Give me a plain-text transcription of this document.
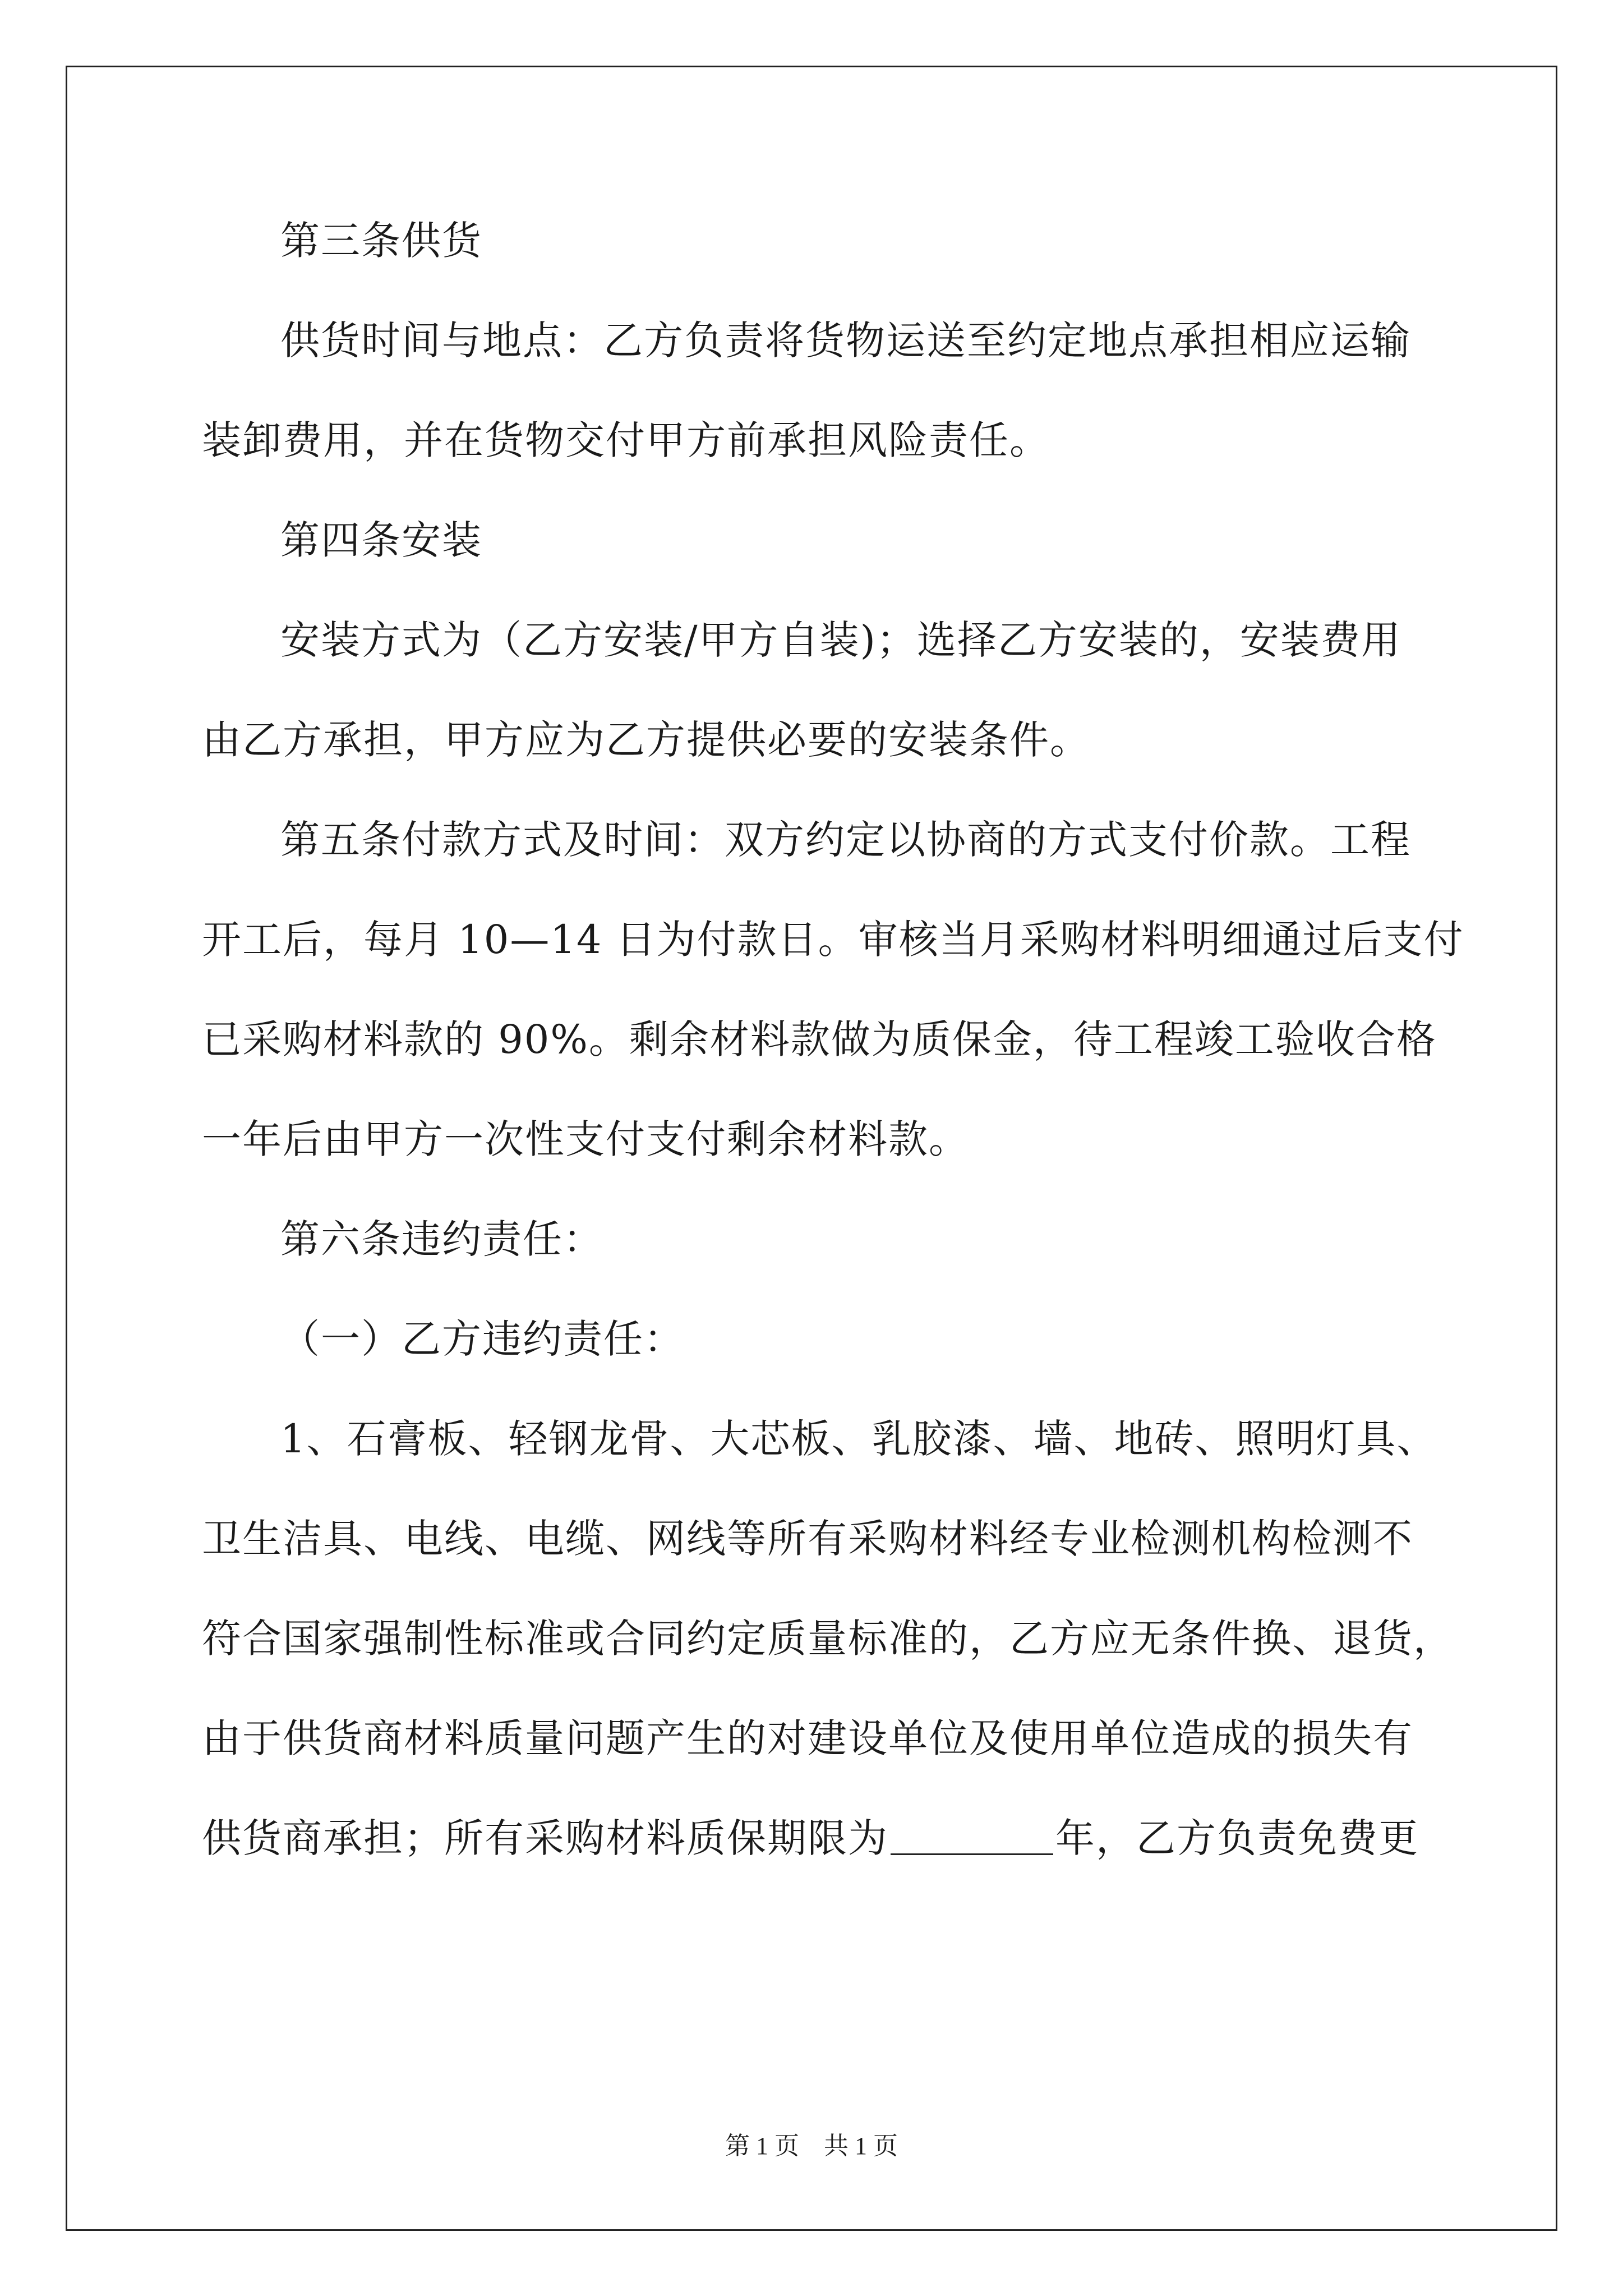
第三条供货
供货时间与地点：乙方负责将货物运送至约定地点承担相应运输
装卸费用，并在货物交付甲方前承担风险责任。
第四条安装
安装方式为（乙方安装/甲方自装)；选择乙方安装的，安装费用
由乙方承担，甲方应为乙方提供必要的安装条件。
第五条付款方式及时间：双方约定以协商的方式支付价款。工程
开工后，每月 10—14 日为付款日。审核当月采购材料明细通过后支付
已采购材料款的 90%。剩余材料款做为质保金，待工程竣工验收合格
一年后由甲方一次性支付支付剩余材料款。
第六条违约责任：
（一）乙方违约责任：
1、石膏板、轻钢龙骨、大芯板、乳胶漆、墙、地砖、照明灯具、
卫生洁具、电线、电缆、网线等所有采购材料经专业检测机构检测不
符合国家强制性标准或合同约定质量标准的，乙方应无条件换、退货，
由于供货商材料质量问题产生的对建设单位及使用单位造成的损失有
供货商承担；所有采购材料质保期限为	年，乙方负责免费更
第 1 页    共 1 页
